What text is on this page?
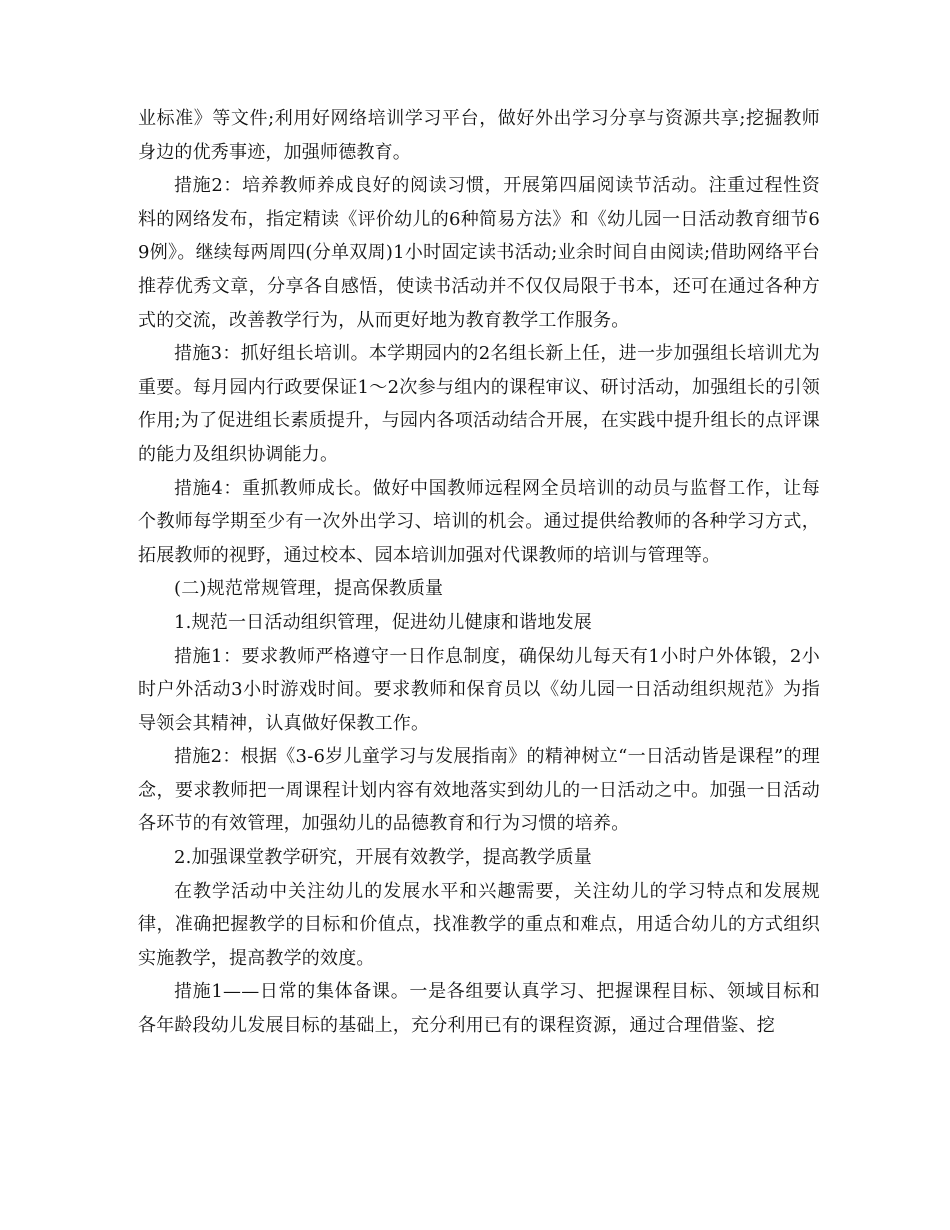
业标准》等文件;利用好网络培训学习平台，做好外出学习分享与资源共享;挖掘教师身边的优秀事迹，加强师德教育。

措施2：培养教师养成良好的阅读习惯，开展第四届阅读节活动。注重过程性资料的网络发布，指定精读《评价幼儿的6种简易方法》和《幼儿园一日活动教育细节69例》。继续每两周四(分单双周)1小时固定读书活动;业余时间自由阅读;借助网络平台推荐优秀文章，分享各自感悟，使读书活动并不仅仅局限于书本，还可在通过各种方式的交流，改善教学行为，从而更好地为教育教学工作服务。

措施3：抓好组长培训。本学期园内的2名组长新上任，进一步加强组长培训尤为重要。每月园内行政要保证1～2次参与组内的课程审议、研讨活动，加强组长的引领作用;为了促进组长素质提升，与园内各项活动结合开展，在实践中提升组长的点评课的能力及组织协调能力。

措施4：重抓教师成长。做好中国教师远程网全员培训的动员与监督工作，让每个教师每学期至少有一次外出学习、培训的机会。通过提供给教师的各种学习方式，拓展教师的视野，通过校本、园本培训加强对代课教师的培训与管理等。

(二)规范常规管理，提高保教质量

1.规范一日活动组织管理，促进幼儿健康和谐地发展

措施1：要求教师严格遵守一日作息制度，确保幼儿每天有1小时户外体锻，2小时户外活动3小时游戏时间。要求教师和保育员以《幼儿园一日活动组织规范》为指导领会其精神，认真做好保教工作。

措施2：根据《3-6岁儿童学习与发展指南》的精神树立“一日活动皆是课程”的理念，要求教师把一周课程计划内容有效地落实到幼儿的一日活动之中。加强一日活动各环节的有效管理，加强幼儿的品德教育和行为习惯的培养。

2.加强课堂教学研究，开展有效教学，提高教学质量

在教学活动中关注幼儿的发展水平和兴趣需要，关注幼儿的学习特点和发展规律，准确把握教学的目标和价值点，找准教学的重点和难点，用适合幼儿的方式组织实施教学，提高教学的效度。

措施1——日常的集体备课。一是各组要认真学习、把握课程目标、领域目标和各年龄段幼儿发展目标的基础上，充分利用已有的课程资源，通过合理借鉴、挖
